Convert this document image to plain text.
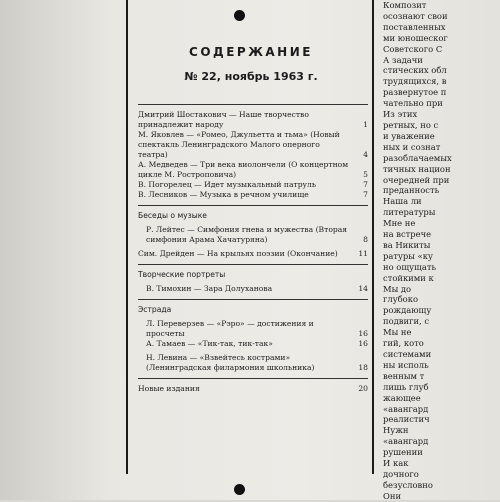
СОДЕРЖАНИЕ
№ 22, ноябрь 1963 г.
Дмитрий Шостакович — Наше творчество принадлежит народу	1
М. Яковлев — «Ромео, Джульетта и тьма» (Новый спектакль Ленинградского Малого оперного театра)	4
А. Медведев — Три века виолончели (О концертном цикле М. Ростроповича)	5
В. Погорелец — Идет музыкальный патруль	7
В. Лесников — Музыка в речном училище	7
Беседы о музыке
Р. Лейтес — Симфония гнева и мужества (Вторая симфония Арама Хачатуряна)	8
Сим. Дрейден — На крыльях поэзии (Окончание)	11
Творческие портреты
В. Тимохин — Зара Долуханова	14
Эстрада
Л. Переверзев — «Рэро» — достижения и просчеты	16
А. Тамаев — «Тик-так, тик-так»	16
Н. Левина — «Взвейтесь кострами» (Ленинградская филармония школьника)	18
Новые издания	20
Композит
осознают свои
поставленных
ми юношеског
Советского С
А задачи
стических обл
трудящихся, в
развернутое п
чательно при
Из этих
ретных, но с
и уважение
ных и сознат
разоблачаемых
тичных национ
очередней при
преданность
Наша ли
литературы
Мне не
на встрече
ва Никиты
ратуры «ку
но ощущать
стойкими к
Мы до
глубоко
рождающу
подвиги, с
Мы не
гий, кото
системами
ны исполь
венным т
лишь глуб
жающее
«авангард
реалистич
Нужн
«авангард
рушении
И как
дочного
безусловно
Они
